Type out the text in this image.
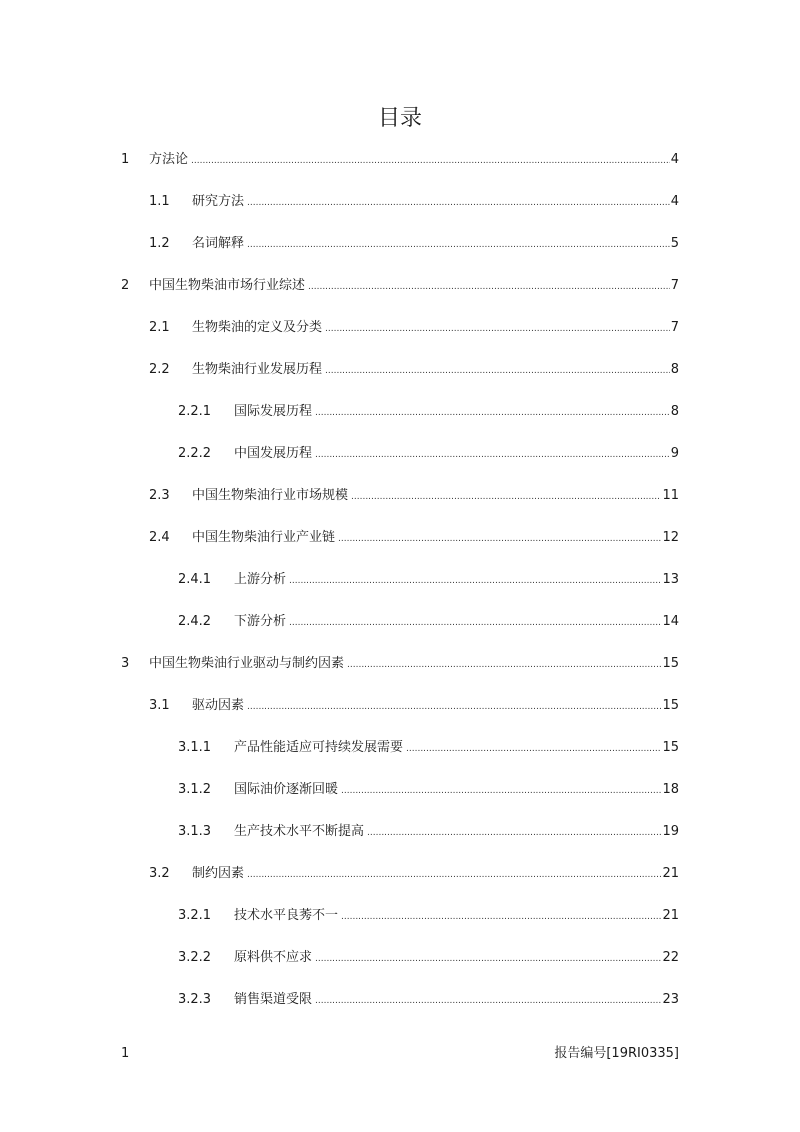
目录
1 方法论 .....	4
1.1 研究方法 .....	4
1.2 名词解释 .....	5
2 中国生物柴油市场行业综述 .....	7
2.1 生物柴油的定义及分类 .....	7
2.2 生物柴油行业发展历程 .....	8
2.2.1 国际发展历程 .....	8
2.2.2 中国发展历程 .....	9
2.3 中国生物柴油行业市场规模 .....	11
2.4 中国生物柴油行业产业链 .....	12
2.4.1 上游分析 .....	13
2.4.2 下游分析 .....	14
3 中国生物柴油行业驱动与制约因素 .....	15
3.1 驱动因素 .....	15
3.1.1 产品性能适应可持续发展需要 .....	15
3.1.2 国际油价逐渐回暖 .....	18
3.1.3 生产技术水平不断提高 .....	19
3.2 制约因素 .....	21
3.2.1 技术水平良莠不一 .....	21
3.2.2 原料供不应求 .....	22
3.2.3 销售渠道受限 .....	23
1	报告编号[19RI0335]
